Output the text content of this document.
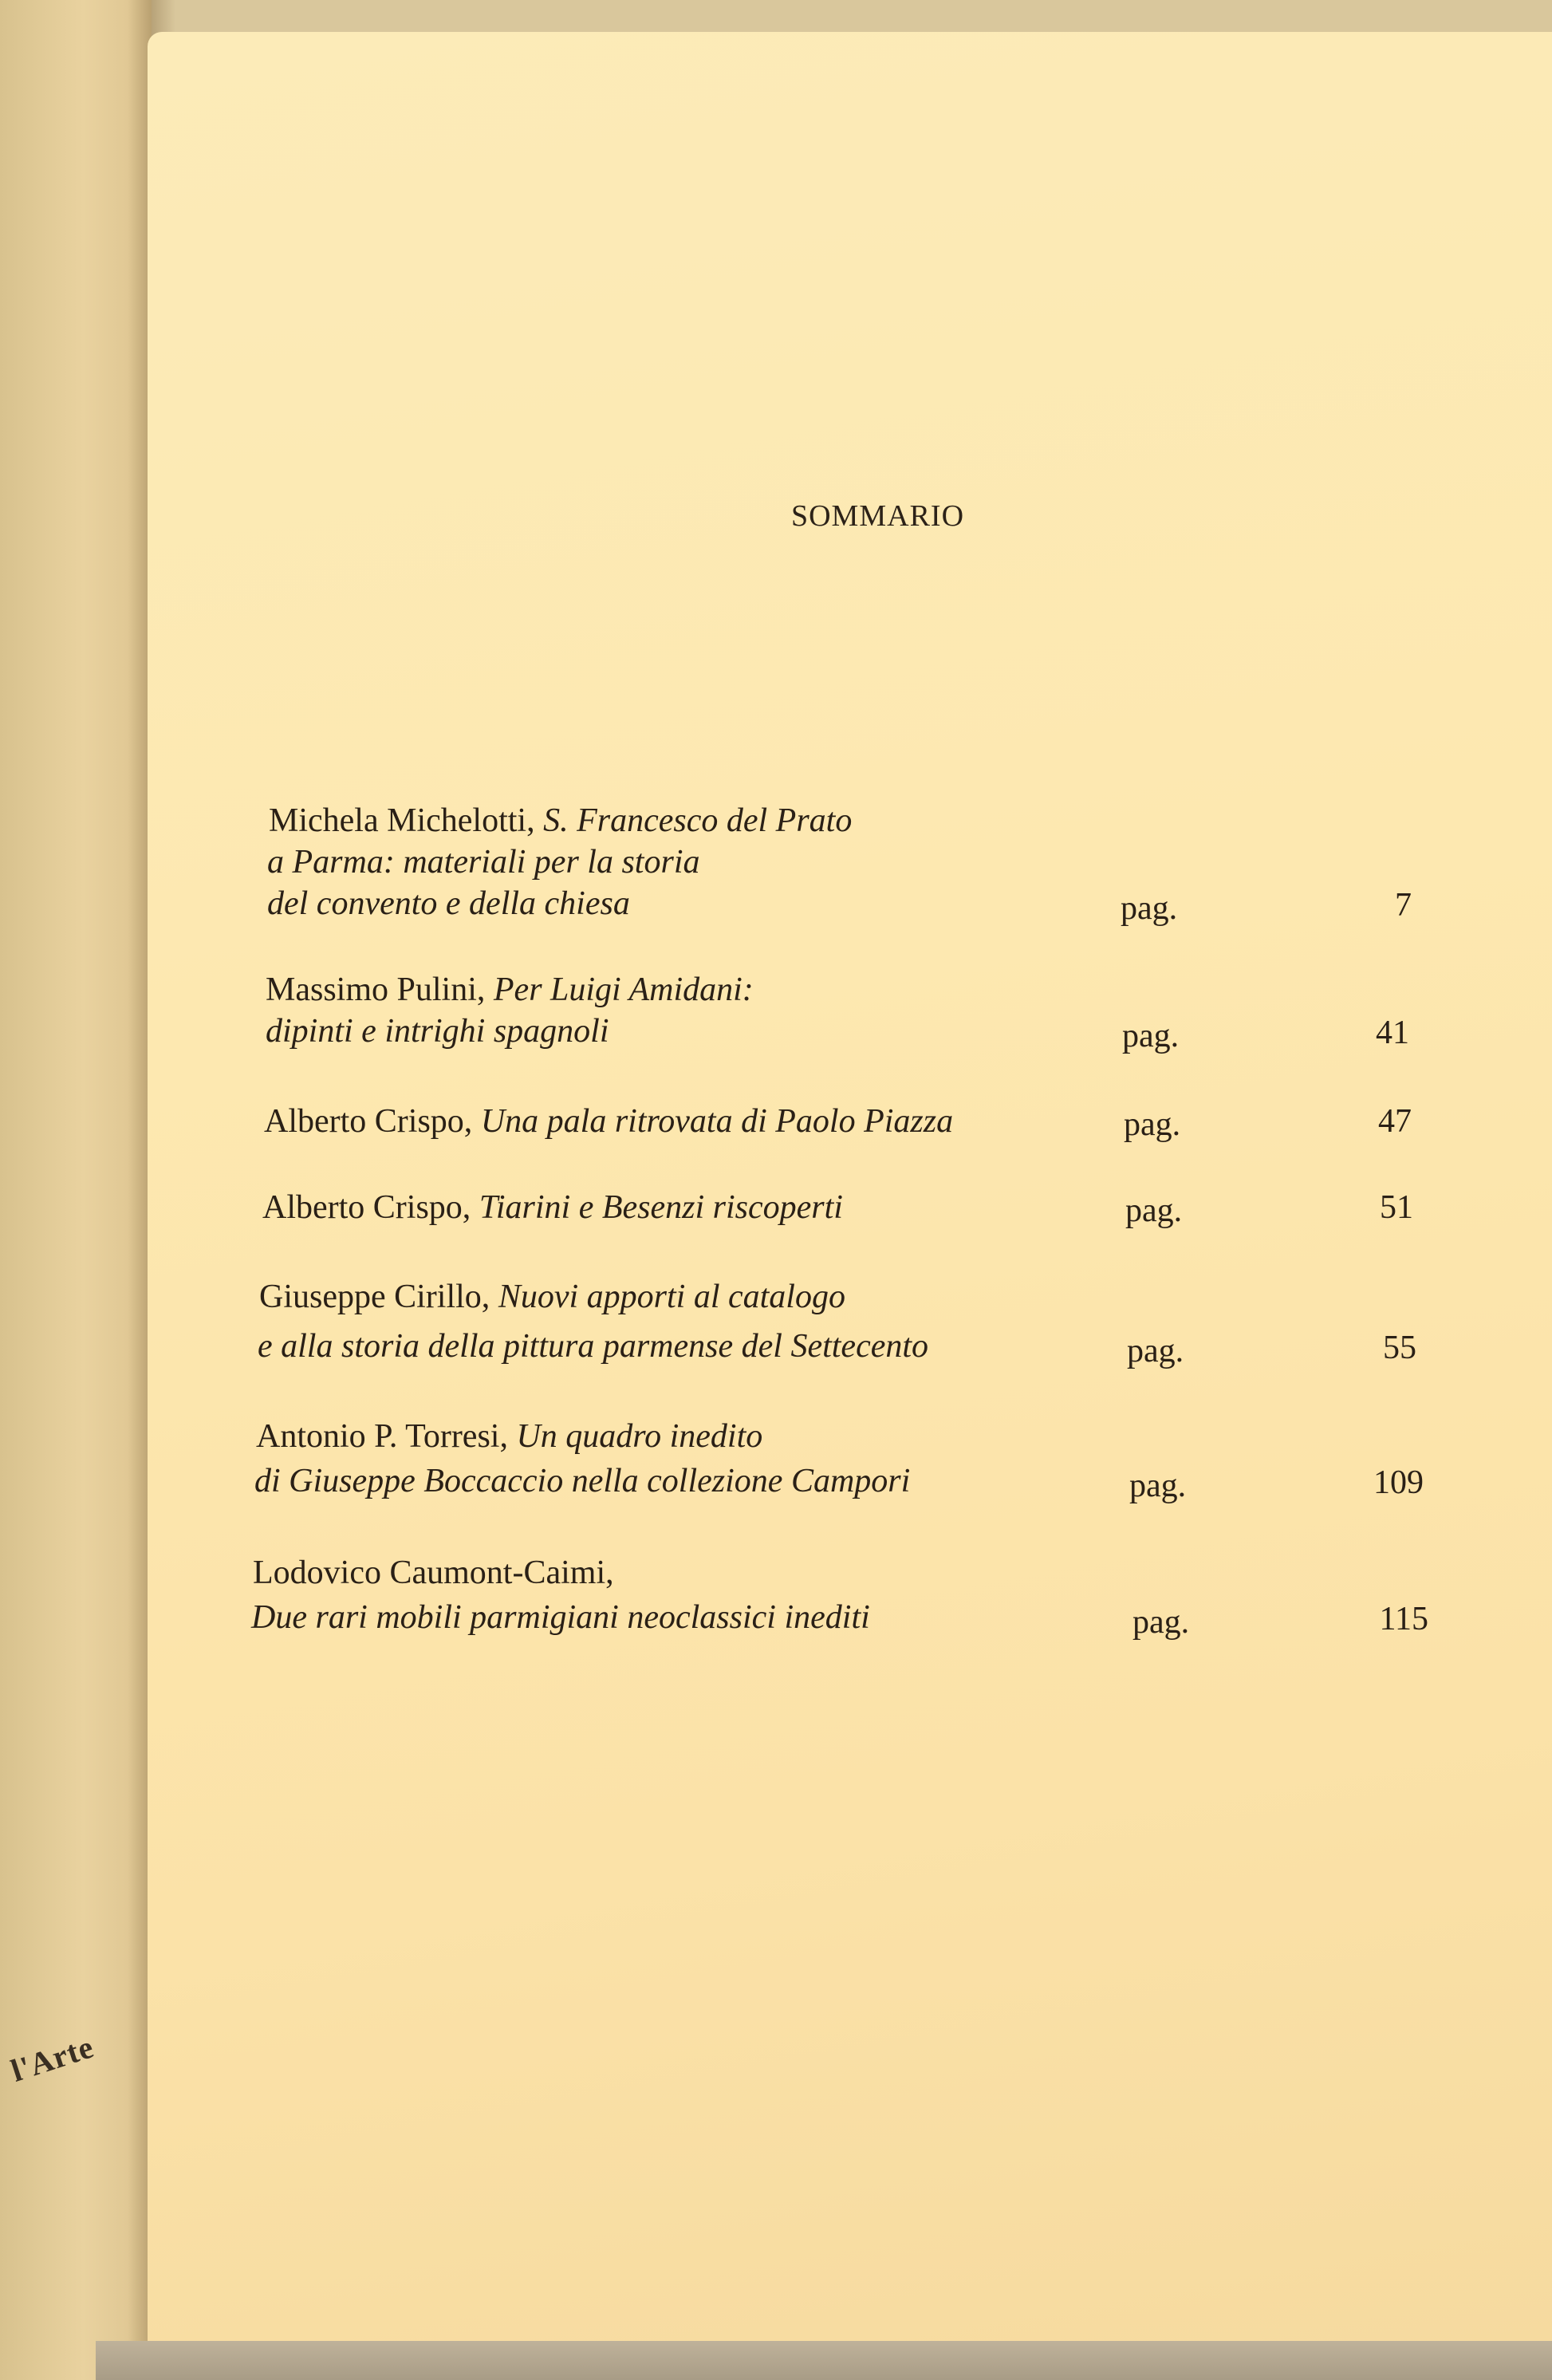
l'Arte
SOMMARIO
Michela Michelotti, S. Francesco del Prato
a Parma: materiali per la storia
del convento e della chiesa	pag.	7
Massimo Pulini, Per Luigi Amidani:
dipinti e intrighi spagnoli	pag.	41
Alberto Crispo, Una pala ritrovata di Paolo Piazza	pag.	47
Alberto Crispo, Tiarini e Besenzi riscoperti	pag.	51
Giuseppe Cirillo, Nuovi apporti al catalogo
e alla storia della pittura parmense del Settecento	pag.	55
Antonio P. Torresi, Un quadro inedito
di Giuseppe Boccaccio nella collezione Campori	pag.	109
Lodovico Caumont-Caimi,
Due rari mobili parmigiani neoclassici inediti	pag.	115
